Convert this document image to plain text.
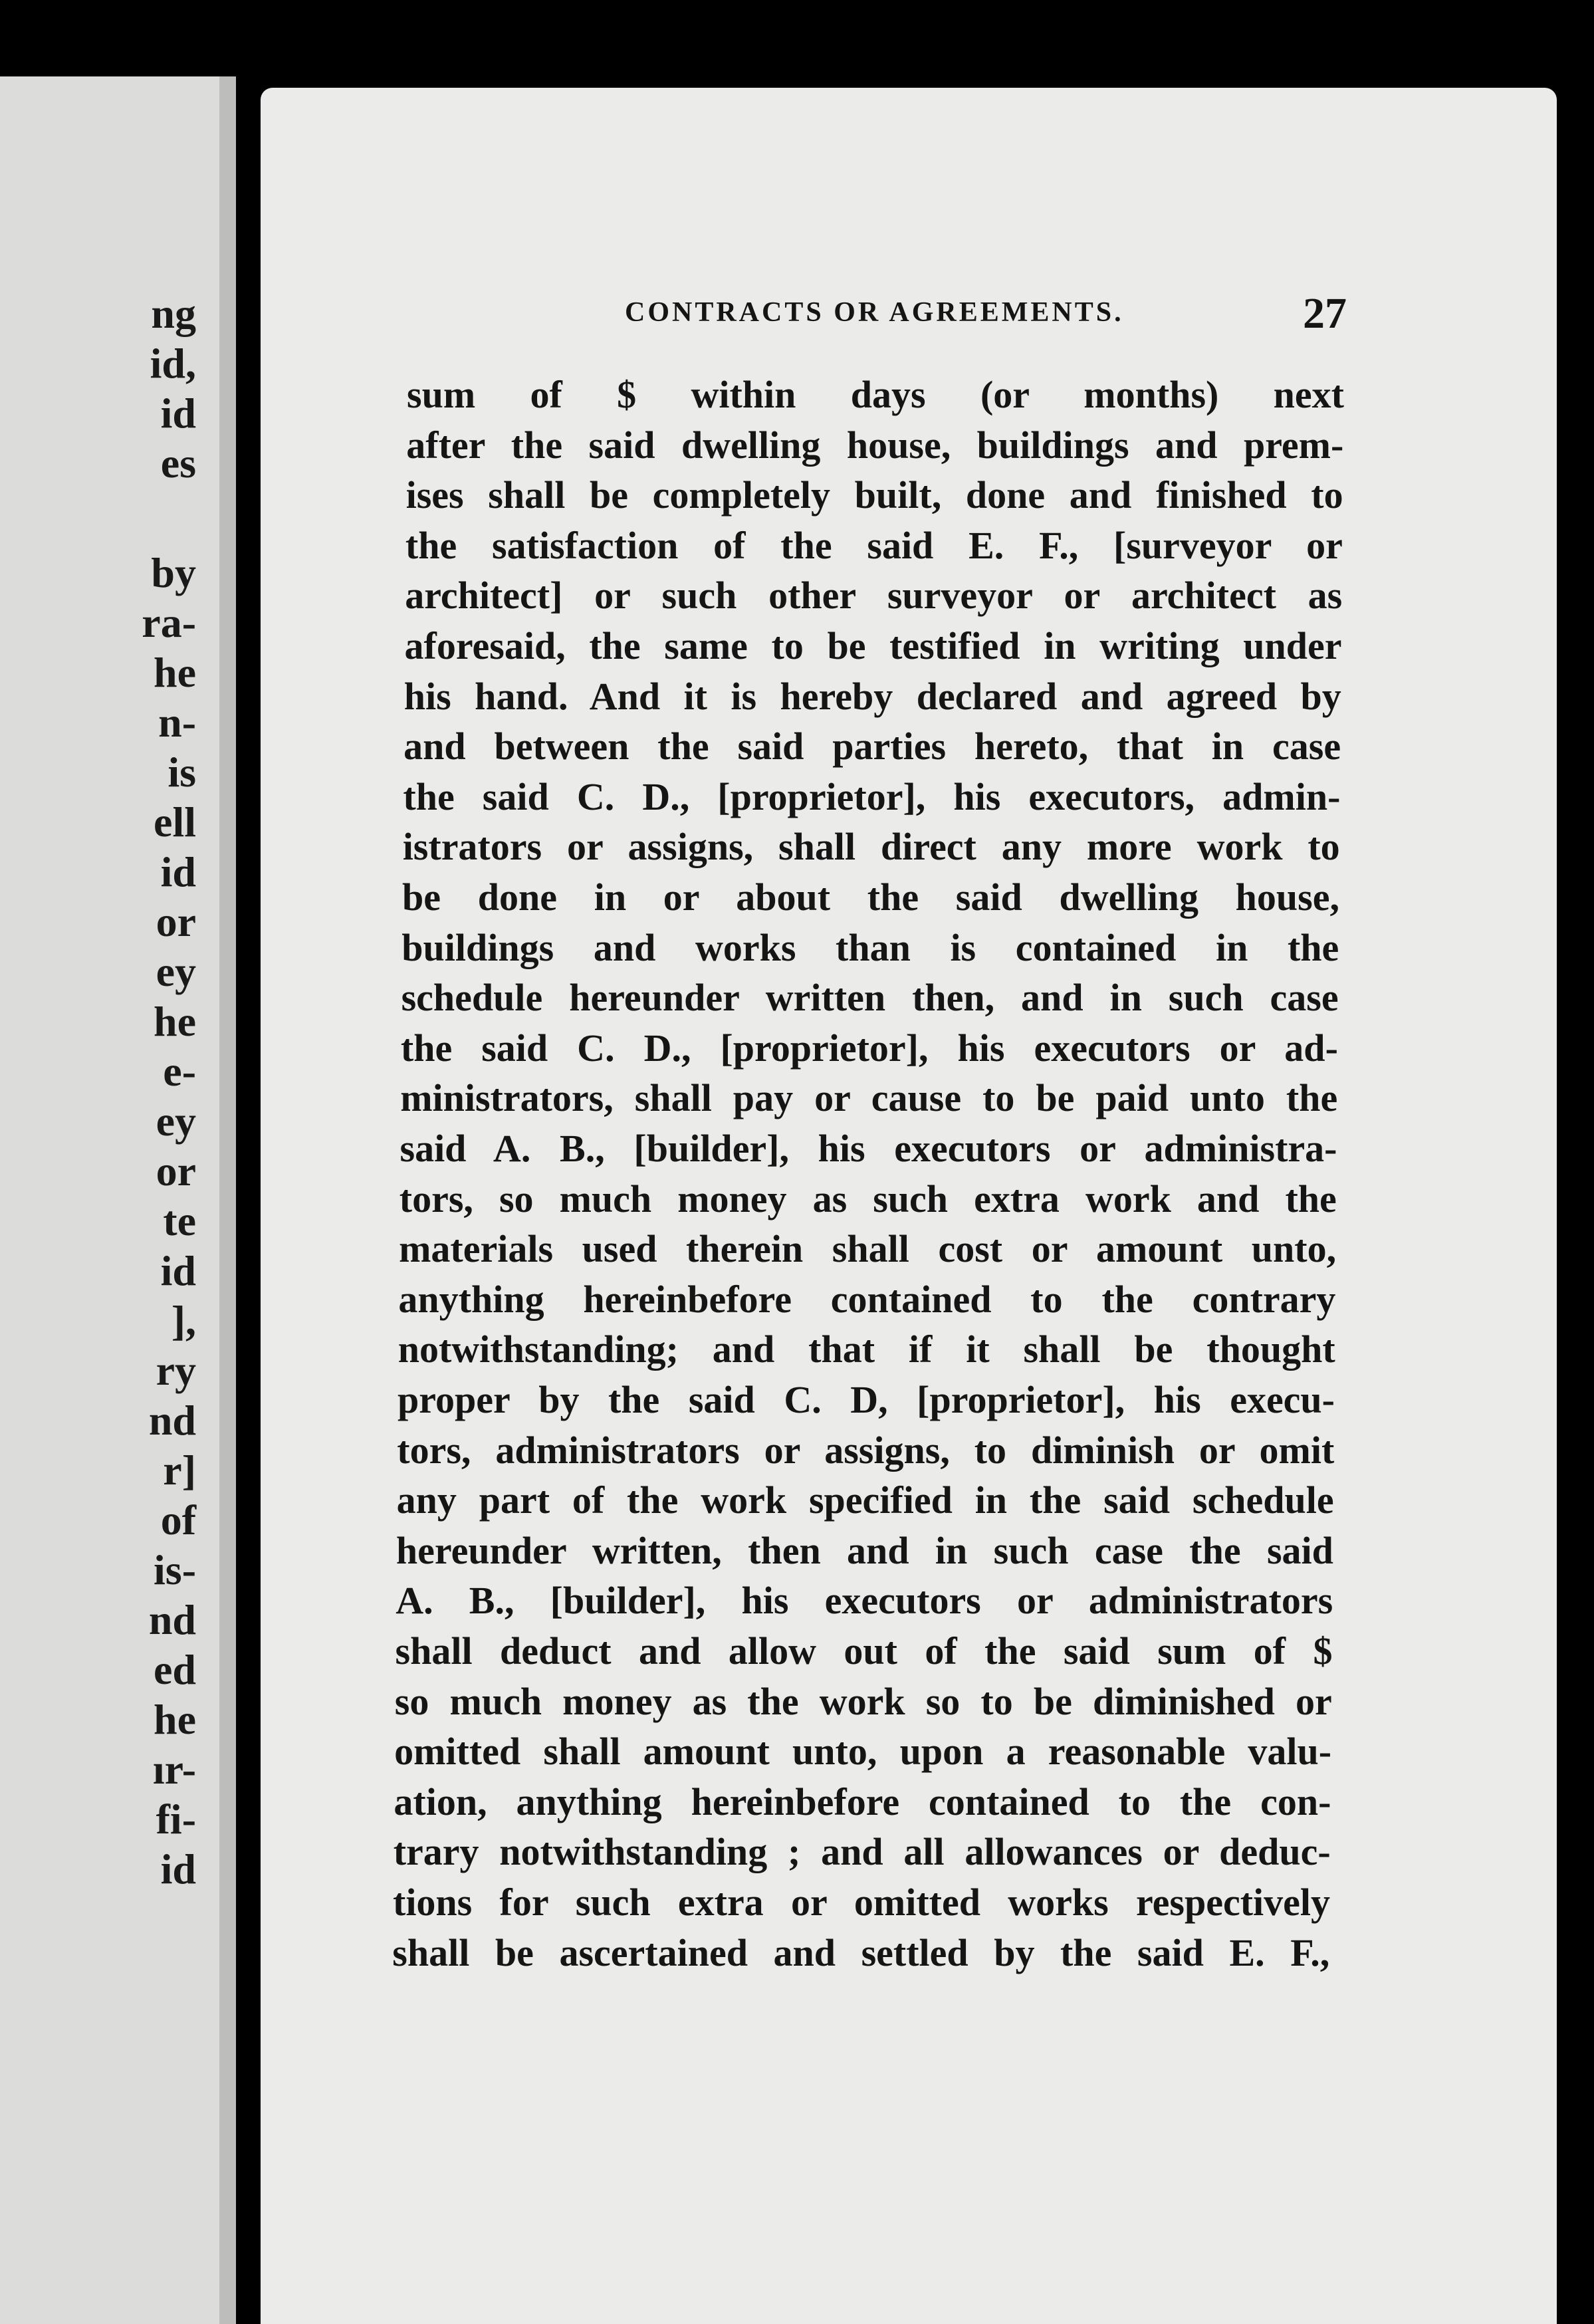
ng
id,
id
es
by
ra-
he
n-
is
ell
id
or
ey
he
e-
ey
or
te
id
],
ry
nd
r]
of
is-
nd
ed
he
ır-
fi-
id
CONTRACTS OR AGREEMENTS.	27
sum of $ within days (or months) next
after the said dwelling house, buildings and prem-
ises shall be completely built, done and finished to
the satisfaction of the said E. F., [surveyor or
architect] or such other surveyor or architect as
aforesaid, the same to be testified in writing under
his hand. And it is hereby declared and agreed by
and between the said parties hereto, that in case
the said C. D., [proprietor], his executors, admin-
istrators or assigns, shall direct any more work to
be done in or about the said dwelling house,
buildings and works than is contained in the
schedule hereunder written then, and in such case
the said C. D., [proprietor], his executors or ad-
ministrators, shall pay or cause to be paid unto the
said A. B., [builder], his executors or administra-
tors, so much money as such extra work and the
materials used therein shall cost or amount unto,
anything hereinbefore contained to the contrary
notwithstanding; and that if it shall be thought
proper by the said C. D, [proprietor], his execu-
tors, administrators or assigns, to diminish or omit
any part of the work specified in the said schedule
hereunder written, then and in such case the said
A. B., [builder], his executors or administrators
shall deduct and allow out of the said sum of $
so much money as the work so to be diminished or
omitted shall amount unto, upon a reasonable valu-
ation, anything hereinbefore contained to the con-
trary notwithstanding ; and all allowances or deduc-
tions for such extra or omitted works respectively
shall be ascertained and settled by the said E. F.,
